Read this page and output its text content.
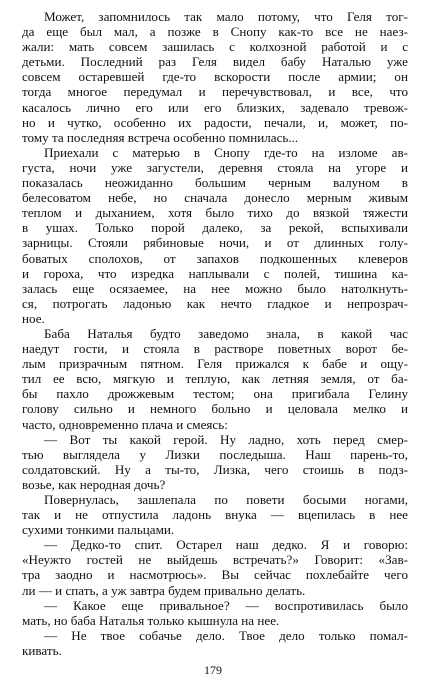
Может, запомнилось так мало потому, что Геля тог-
да еще был мал, а позже в Снопу как-то все не наез-
жали: мать совсем зашилась с колхозной работой и с
детьми. Последний раз Геля видел бабу Наталью уже
совсем остаревшей где-то вскорости после армии; он
тогда многое передумал и перечувствовал, и все, что
касалось лично его или его близких, задевало тревож-
но и чутко, особенно их радости, печали, и, может, по-
тому та последняя встреча особенно помнилась...
Приехали с матерью в Снопу где-то на изломе ав-
густа, ночи уже загустели, деревня стояла на угоре и
показалась неожиданно большим черным валуном в
белесоватом небе, но сначала донесло мерным живым
теплом и дыханием, хотя было тихо до вязкой тяжести
в ушах. Только порой далеко, за рекой, вспыхивали
зарницы. Стояли рябиновые ночи, и от длинных голу-
боватых сполохов, от запахов подкошенных клеверов
и гороха, что изредка наплывали с полей, тишина ка-
залась еще осязаемее, на нее можно было натолкнуть-
ся, потрогать ладонью как нечто гладкое и непрозрач-
ное.
Баба Наталья будто заведомо знала, в какой час
наедут гости, и стояла в растворе поветных ворот бе-
лым призрачным пятном. Геля прижался к бабе и ощу-
тил ее всю, мягкую и теплую, как летняя земля, от ба-
бы пахло дрожжевым тестом; она пригибала Гелину
голову сильно и немного больно и целовала мелко и
часто, одновременно плача и смеясь:
— Вот ты какой герой. Ну ладно, хоть перед смер-
тью выглядела у Лизки последыша. Наш парень-то,
солдатовский. Ну а ты-то, Лизка, чего стоишь в подз-
возье, как неродная дочь?
Повернулась, зашлепала по повети босыми ногами,
так и не отпустила ладонь внука — вцепилась в нее
сухими тонкими пальцами.
— Дедко-то спит. Остарел наш дедко. Я и говорю:
«Неужто гостей не выйдешь встречать?» Говорит: «Зав-
тра заодно и насмотрюсь». Вы сейчас похлебайте чего
ли — и спать, а уж завтра будем привально делать.
— Какое еще привальное? — воспротивилась было
мать, но баба Наталья только кышнула на нее.
— Не твое собачье дело. Твое дело только помал-
кивать.
179
